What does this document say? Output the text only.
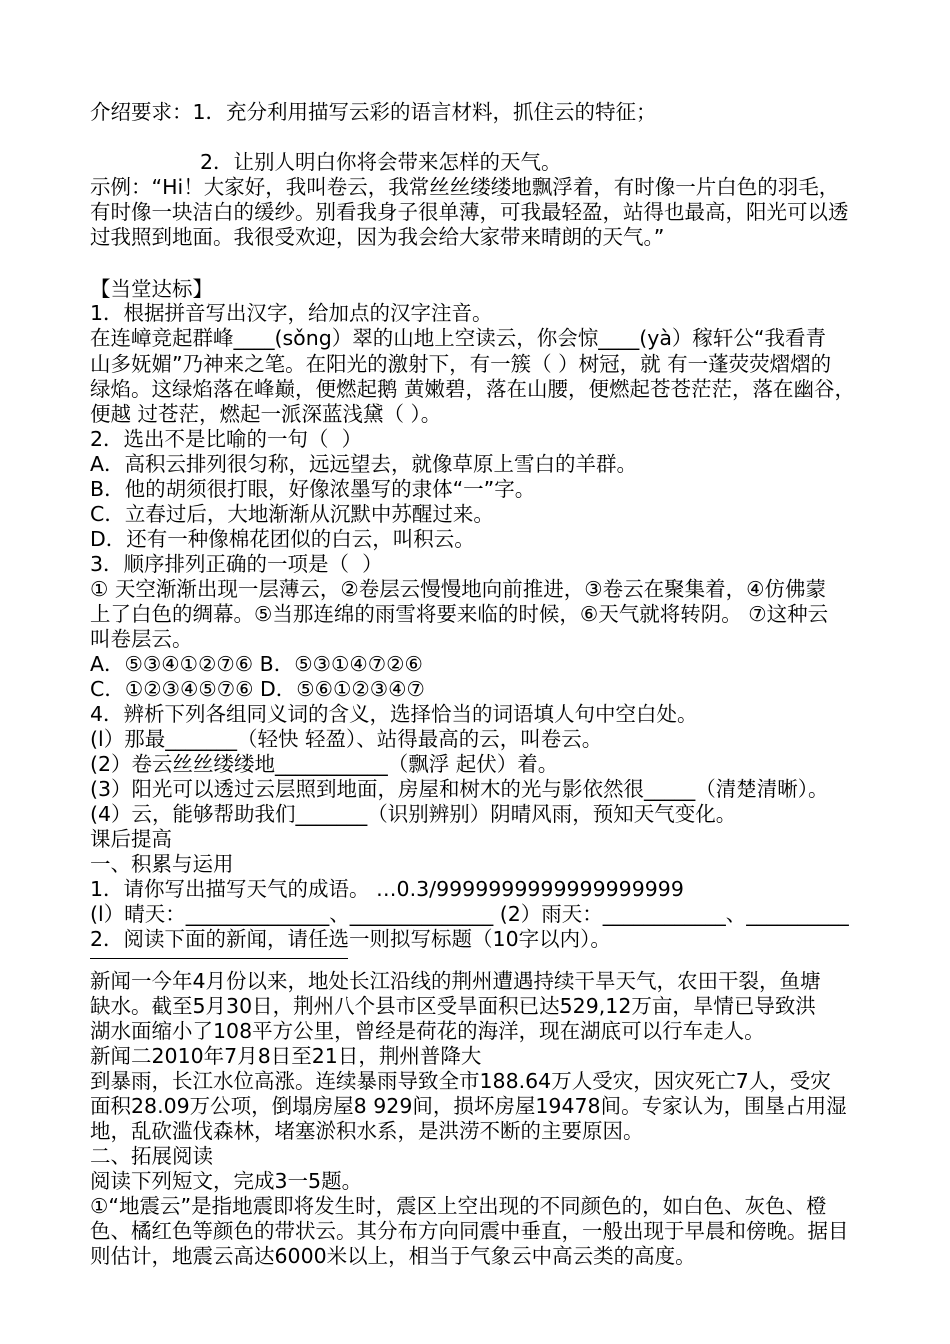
介绍要求：1．充分利用描写云彩的语言材料，抓住云的特征；
2．让别人明白你将会带来怎样的天气。
示例：“Hi！大家好，我叫卷云，我常丝丝缕缕地飘浮着，有时像一片白色的羽毛，
有时像一块洁白的缓纱。别看我身子很单薄，可我最轻盈，站得也最高，阳光可以透
过我照到地面。我很受欢迎，因为我会给大家带来晴朗的天气。”
【当堂达标】
1．根据拼音写出汉字，给加点的汉字注音。
在连嶂竞起群峰____(sǒng）翠的山地上空读云，你会惊____(yà）稼轩公“我看青
山多妩媚”乃神来之笔。在阳光的激射下，有一簇（ ）树冠，就 有一蓬荧荧熠熠的
绿焰。这绿焰落在峰巅，便燃起鹅 黄嫩碧，落在山腰，便燃起苍苍茫茫，落在幽谷，
便越 过苍茫，燃起一派深蓝浅黛（ ）。
2．选出不是比喻的一句（  ）
A．高积云排列很匀称，远远望去，就像草原上雪白的羊群。
B．他的胡须很打眼，好像浓墨写的隶体“一”字。
C．立春过后，大地渐渐从沉默中苏醒过来。
D．还有一种像棉花团似的白云，叫积云。
3．顺序排列正确的一项是（  ）
① 天空渐渐出现一层薄云，②卷层云慢慢地向前推进，③卷云在聚集着，④仿佛蒙
上了白色的绸幕。⑤当那连绵的雨雪将要来临的时候，⑥天气就将转阴。 ⑦这种云
叫卷层云。
A．⑤③④①②⑦⑥ B．⑤③①④⑦②⑥
C．①②③④⑤⑦⑥ D．⑤⑥①②③④⑦
4．辨析下列各组同义词的含义，选择恰当的词语填人句中空白处。
(l）那最_______（轻快 轻盈）、站得最高的云，叫卷云。
(2）卷云丝丝缕缕地___________（飘浮 起伏）着。
(3）阳光可以透过云层照到地面，房屋和树木的光与影依然很_____（清楚清晰）。
(4）云，能够帮助我们_______（识别辨别）阴晴风雨，预知天气变化。
课后提高
一、积累与运用
1．请你写出描写天气的成语。 …0.3/9999999999999999999
(l）晴天：______________、______________ (2）雨天：____________、__________
2．阅读下面的新闻，请任选一则拟写标题（10字以内）。
新闻一今年4月份以来，地处长江沿线的荆州遭遇持续干旱天气，农田干裂，鱼塘
缺水。截至5月30日，荆州八个县市区受旱面积已达529,12万亩，旱情已导致洪
湖水面缩小了108平方公里，曾经是荷花的海洋，现在湖底可以行车走人。
新闻二2010年7月8日至21日，荆州普降大
到暴雨，长江水位高涨。连续暴雨导致全市188.64万人受灾，因灾死亡7人，受灾
面积28.09万公项，倒塌房屋8 929间，损坏房屋19478间。专家认为，围垦占用湿
地，乱砍滥伐森林，堵塞淤积水系，是洪涝不断的主要原因。
二、拓展阅读
阅读下列短文，完成3一5题。
①“地震云”是指地震即将发生时，震区上空出现的不同颜色的，如白色、灰色、橙
色、橘红色等颜色的带状云。其分布方向同震中垂直，一般出现于早晨和傍晚。据目
则估计，地震云高达6000米以上，相当于气象云中高云类的高度。
